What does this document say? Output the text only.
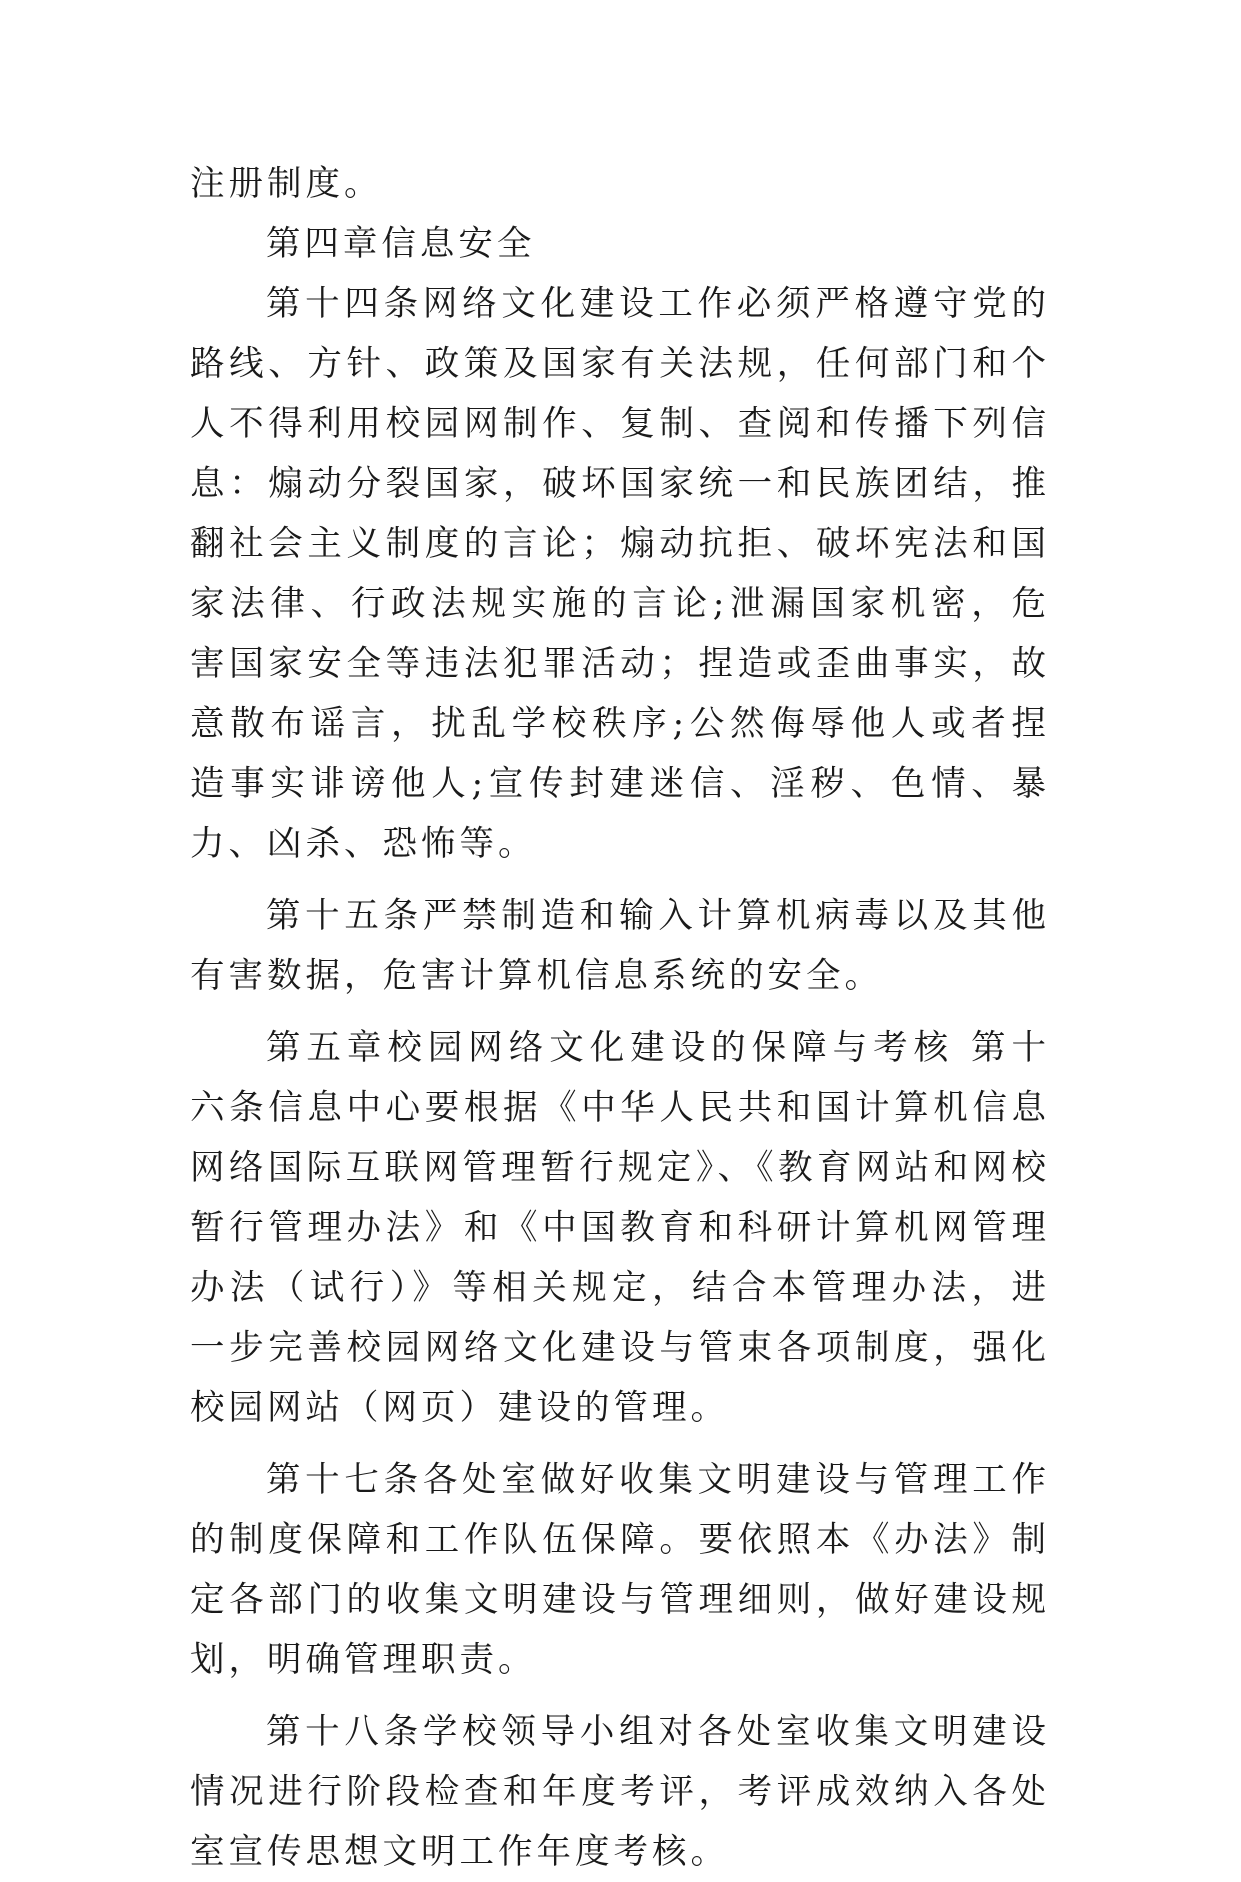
注册制度。

第四章信息安全

第十四条网络文化建设工作必须严格遵守党的路线、方针、政策及国家有关法规，任何部门和个人不得利用校园网制作、复制、查阅和传播下列信息：煽动分裂国家，破坏国家统一和民族团结，推翻社会主义制度的言论；煽动抗拒、破坏宪法和国家法律、行政法规实施的言论;泄漏国家机密，危害国家安全等违法犯罪活动；捏造或歪曲事实，故意散布谣言，扰乱学校秩序;公然侮辱他人或者捏造事实诽谤他人;宣传封建迷信、淫秽、色情、暴力、凶杀、恐怖等。

第十五条严禁制造和输入计算机病毒以及其他有害数据，危害计算机信息系统的安全。

第五章校园网络文化建设的保障与考核 第十六条信息中心要根据《中华人民共和国计算机信息网络国际互联网管理暂行规定》、《教育网站和网校暂行管理办法》和《中国教育和科研计算机网管理办法（试行）》等相关规定，结合本管理办法，进一步完善校园网络文化建设与管束各项制度，强化校园网站（网页）建设的管理。

第十七条各处室做好收集文明建设与管理工作的制度保障和工作队伍保障。要依照本《办法》制定各部门的收集文明建设与管理细则，做好建设规划，明确管理职责。

第十八条学校领导小组对各处室收集文明建设情况进行阶段检查和年度考评，考评成效纳入各处室宣传思想文明工作年度考核。
